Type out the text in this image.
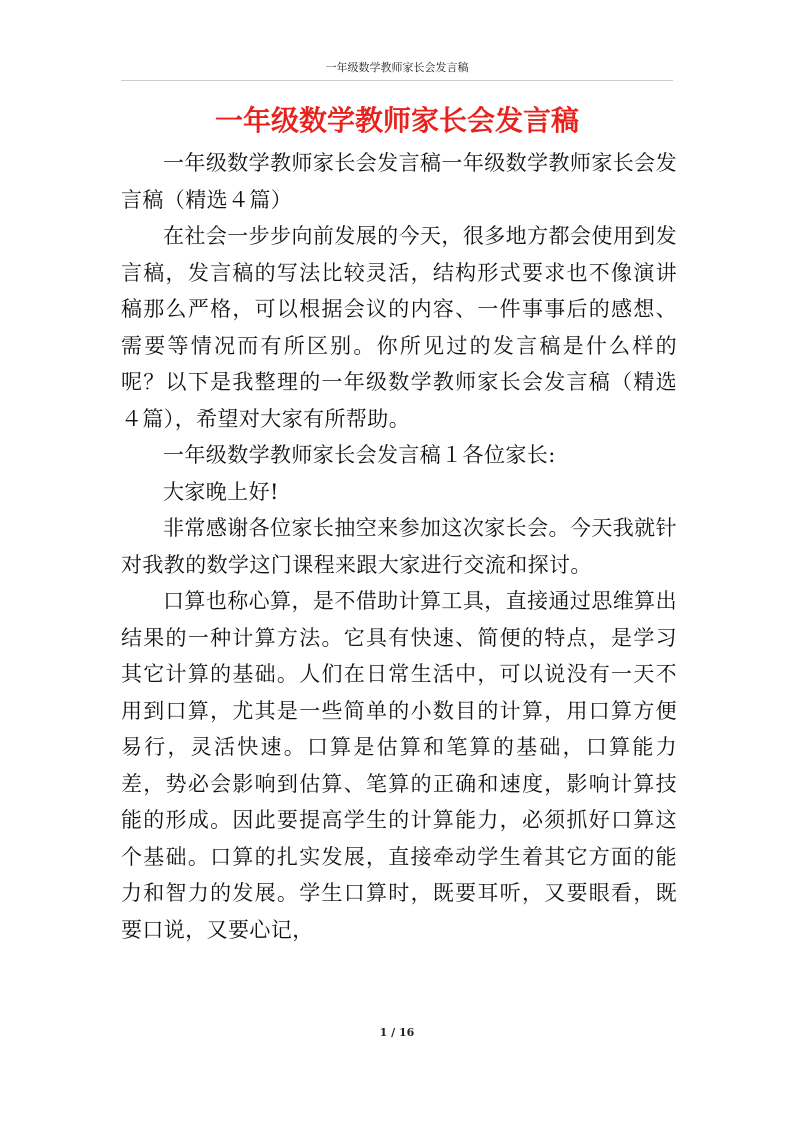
一年级数学教师家长会发言稿
一年级数学教师家长会发言稿

一年级数学教师家长会发言稿一年级数学教师家长会发言稿（精选４篇）

在社会一步步向前发展的今天，很多地方都会使用到发言稿，发言稿的写法比较灵活，结构形式要求也不像演讲稿那么严格，可以根据会议的内容、一件事事后的感想、需要等情况而有所区别。你所见过的发言稿是什么样的呢？以下是我整理的一年级数学教师家长会发言稿（精选４篇），希望对大家有所帮助。

一年级数学教师家长会发言稿１各位家长:

大家晚上好!

非常感谢各位家长抽空来参加这次家长会。今天我就针对我教的数学这门课程来跟大家进行交流和探讨。

口算也称心算，是不借助计算工具，直接通过思维算出结果的一种计算方法。它具有快速、简便的特点，是学习其它计算的基础。人们在日常生活中，可以说没有一天不用到口算，尤其是一些简单的小数目的计算，用口算方便易行，灵活快速。口算是估算和笔算的基础，口算能力差，势必会影响到估算、笔算的正确和速度，影响计算技能的形成。因此要提高学生的计算能力，必须抓好口算这个基础。口算的扎实发展，直接牵动学生着其它方面的能力和智力的发展。学生口算时，既要耳听，又要眼看，既要口说，又要心记，

1 / 16
